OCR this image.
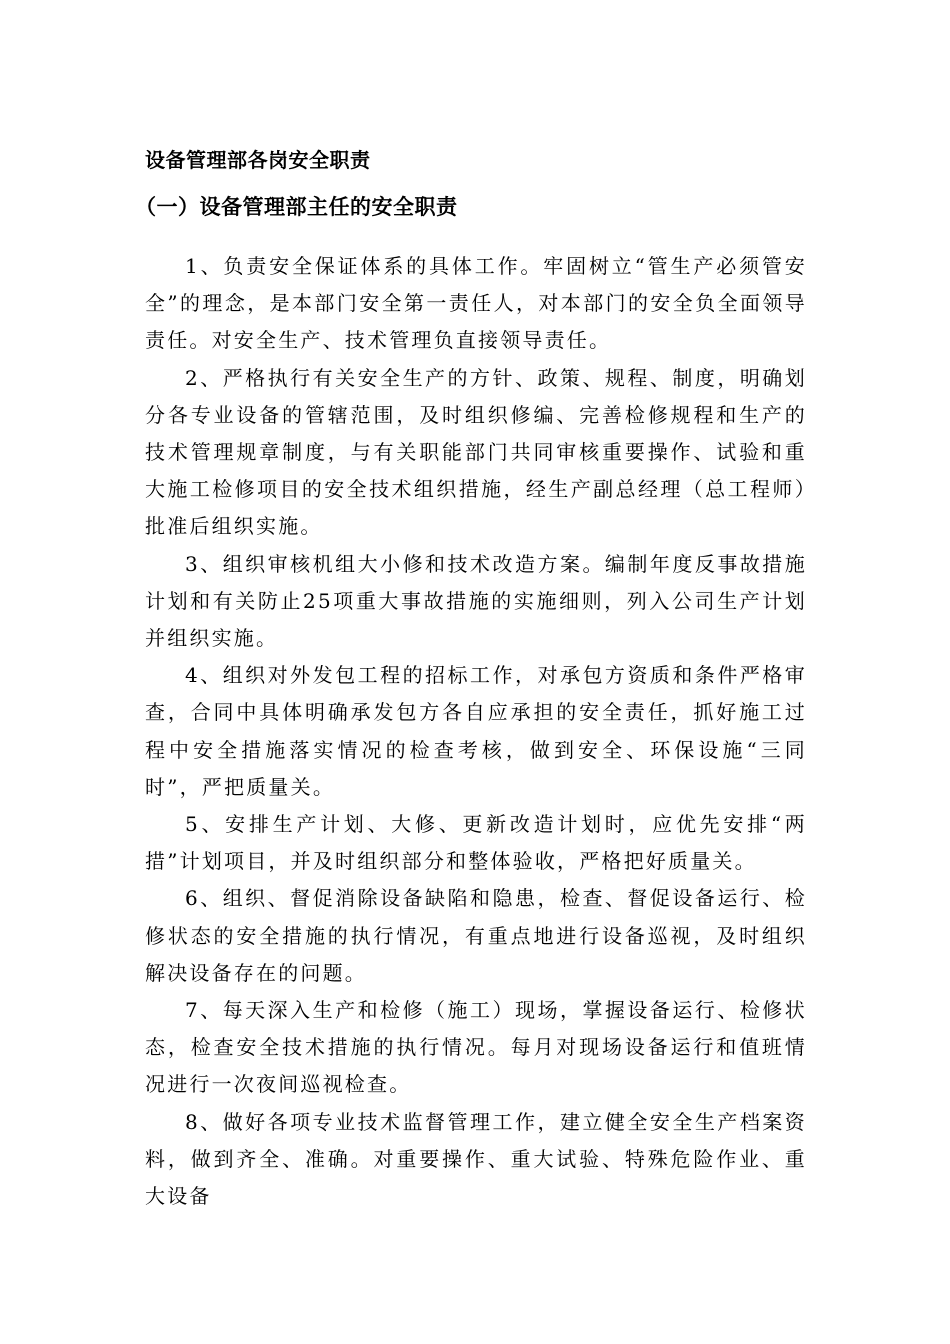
设备管理部各岗安全职责
（一）设备管理部主任的安全职责

1、负责安全保证体系的具体工作。牢固树立“管生产必须管安全”的理念，是本部门安全第一责任人，对本部门的安全负全面领导责任。对安全生产、技术管理负直接领导责任。

2、严格执行有关安全生产的方针、政策、规程、制度，明确划分各专业设备的管辖范围，及时组织修编、完善检修规程和生产的技术管理规章制度，与有关职能部门共同审核重要操作、试验和重大施工检修项目的安全技术组织措施，经生产副总经理（总工程师）批准后组织实施。

3、组织审核机组大小修和技术改造方案。编制年度反事故措施计划和有关防止25项重大事故措施的实施细则，列入公司生产计划并组织实施。

4、组织对外发包工程的招标工作，对承包方资质和条件严格审查，合同中具体明确承发包方各自应承担的安全责任，抓好施工过程中安全措施落实情况的检查考核，做到安全、环保设施“三同时”，严把质量关。

5、安排生产计划、大修、更新改造计划时，应优先安排“两措”计划项目，并及时组织部分和整体验收，严格把好质量关。

6、组织、督促消除设备缺陷和隐患，检查、督促设备运行、检修状态的安全措施的执行情况，有重点地进行设备巡视，及时组织解决设备存在的问题。

7、每天深入生产和检修（施工）现场，掌握设备运行、检修状态，检查安全技术措施的执行情况。每月对现场设备运行和值班情况进行一次夜间巡视检查。

8、做好各项专业技术监督管理工作，建立健全安全生产档案资料，做到齐全、准确。对重要操作、重大试验、特殊危险作业、重大设备
